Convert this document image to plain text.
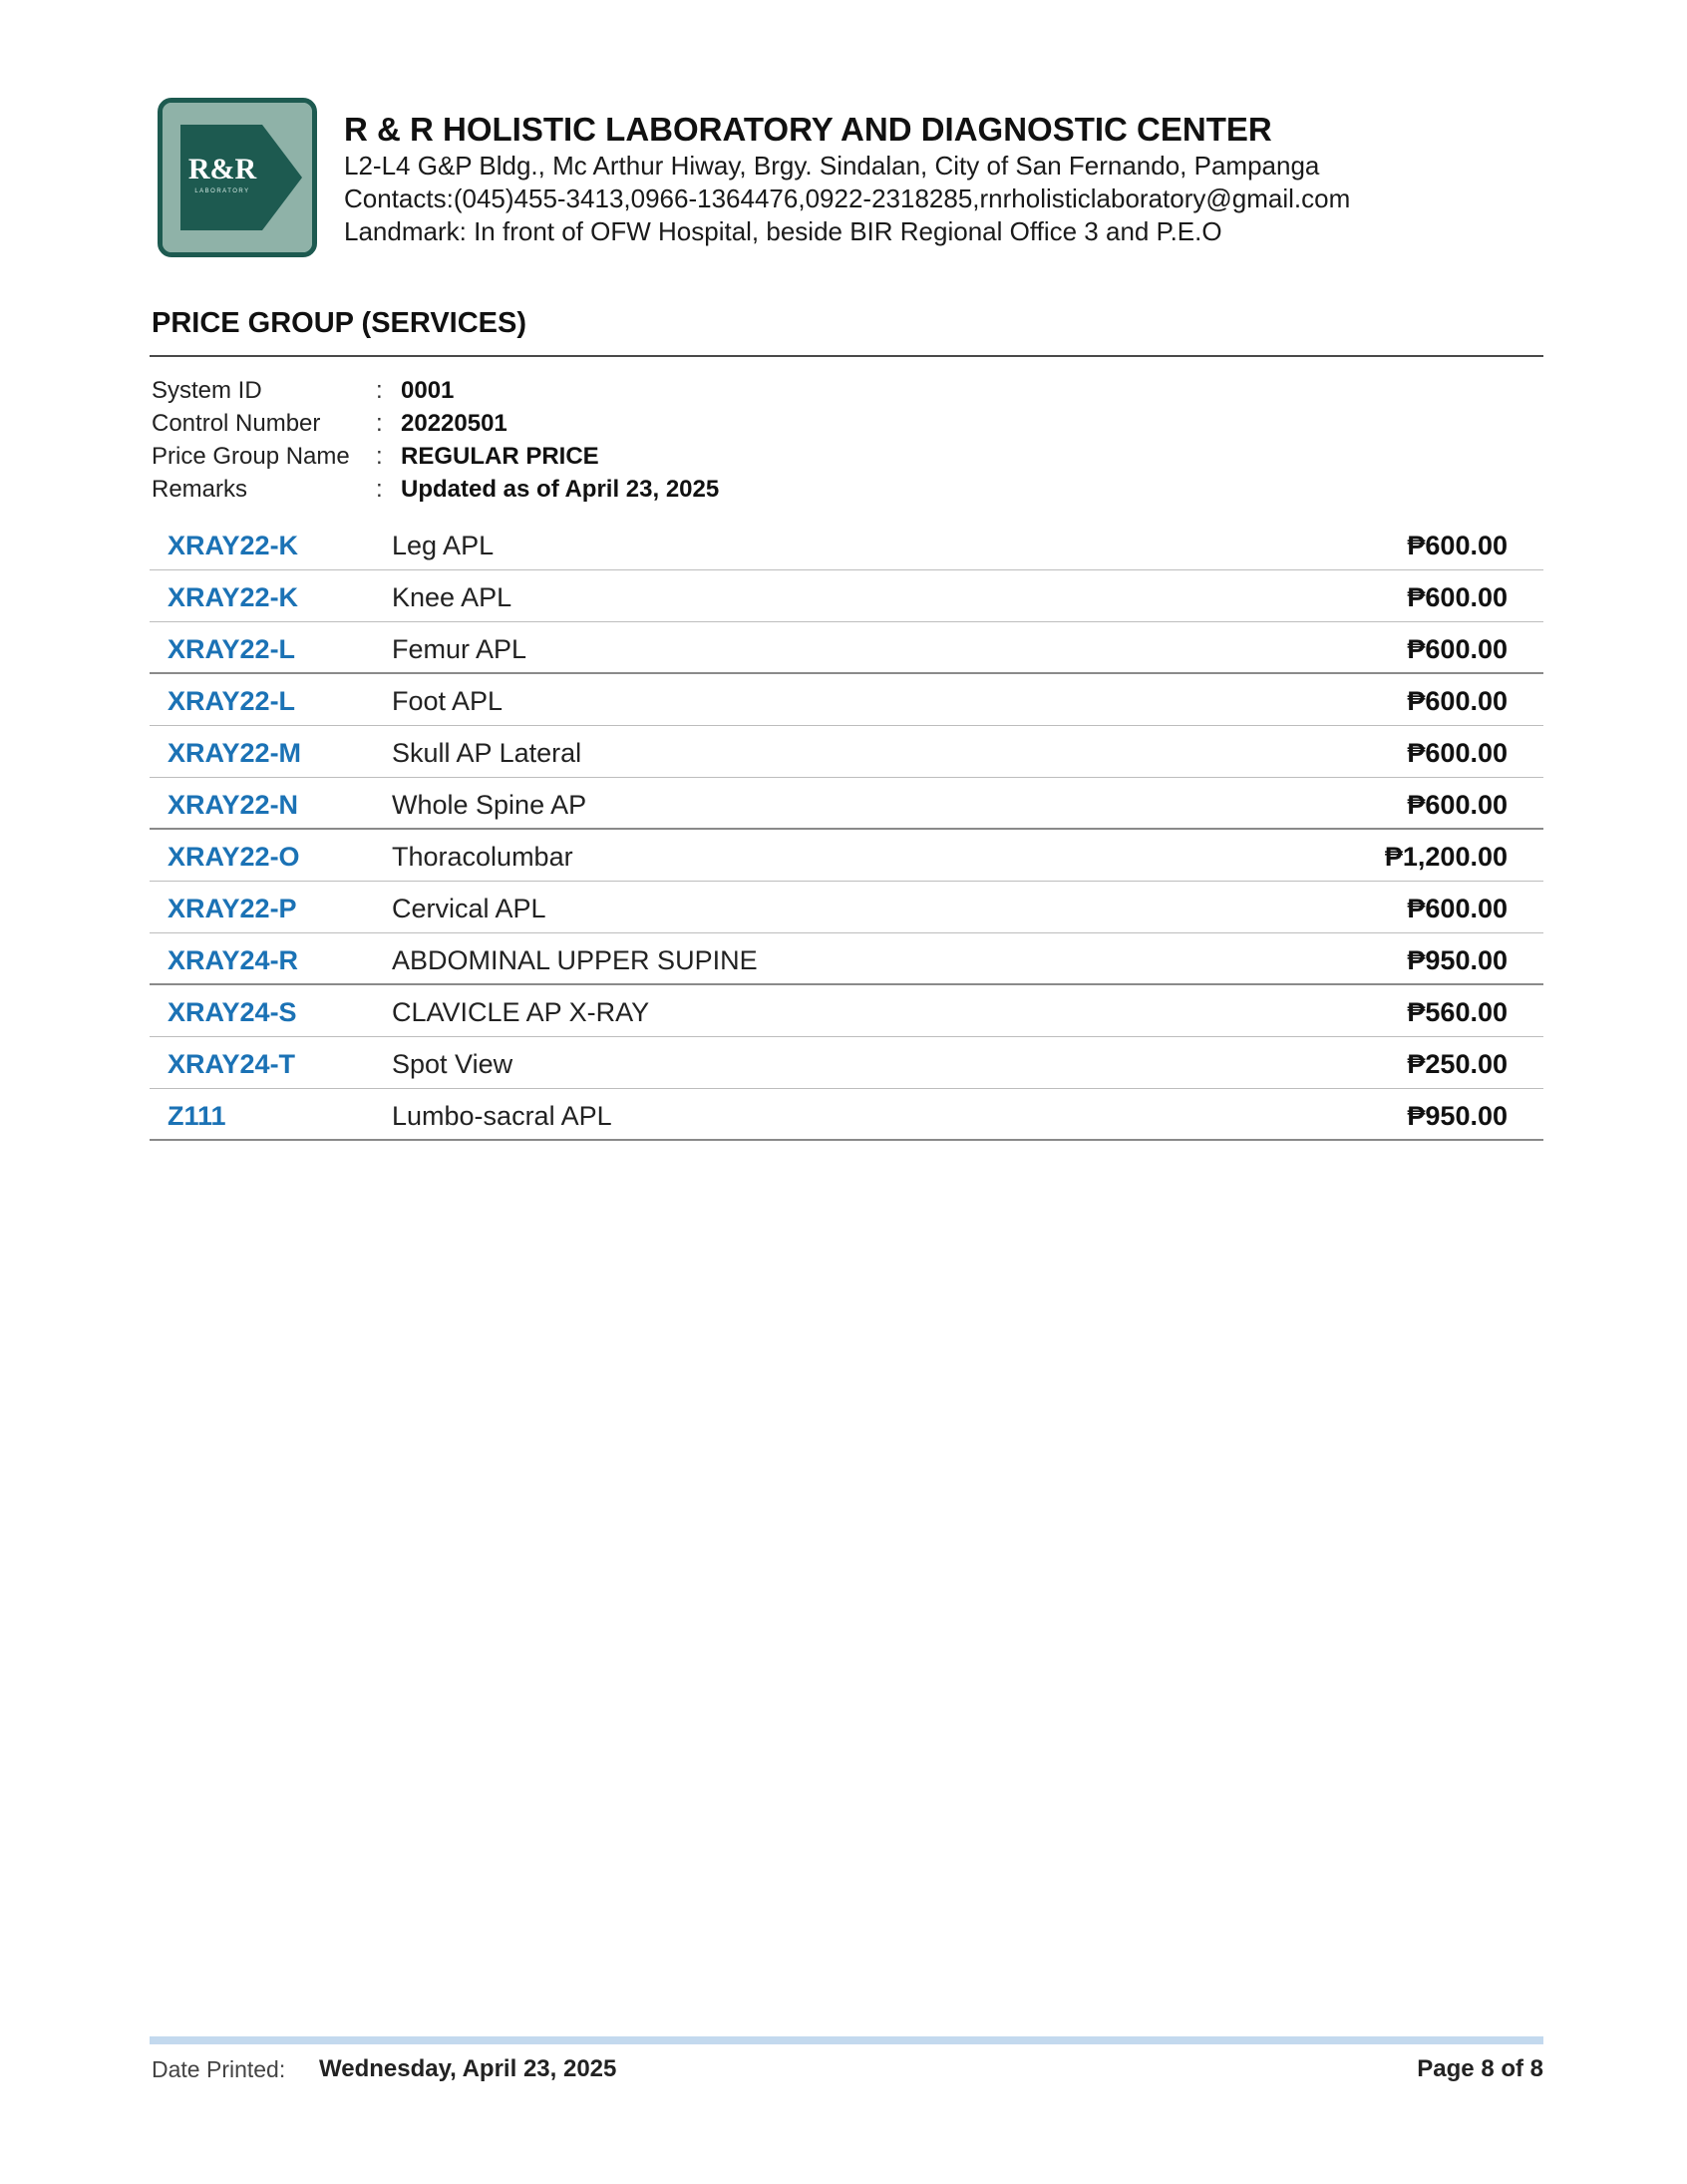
R&R
LABORATORY
R & R HOLISTIC LABORATORY AND DIAGNOSTIC CENTER
L2-L4 G&P Bldg., Mc Arthur Hiway, Brgy. Sindalan, City of San Fernando, Pampanga
Contacts:(045)455-3413,0966-1364476,0922-2318285,rnrholisticlaboratory@gmail.com
Landmark: In front of OFW Hospital, beside BIR Regional Office 3 and P.E.O
PRICE GROUP (SERVICES)
System ID	: 0001
Control Number : 20220501
Price Group Name : REGULAR PRICE
Remarks	: Updated as of April 23, 2025
XRAY22-K	Leg APL	₱600.00
XRAY22-K	Knee APL	₱600.00
XRAY22-L	Femur APL	₱600.00
XRAY22-L	Foot APL	₱600.00
XRAY22-M	Skull AP Lateral	₱600.00
XRAY22-N	Whole Spine AP	₱600.00
XRAY22-O	Thoracolumbar	₱1,200.00
XRAY22-P	Cervical APL	₱600.00
XRAY24-R	ABDOMINAL UPPER SUPINE	₱950.00
XRAY24-S	CLAVICLE AP X-RAY	₱560.00
XRAY24-T	Spot View	₱250.00
Z111	Lumbo-sacral APL	₱950.00
Date Printed: Wednesday, April 23, 2025	Page 8 of 8
